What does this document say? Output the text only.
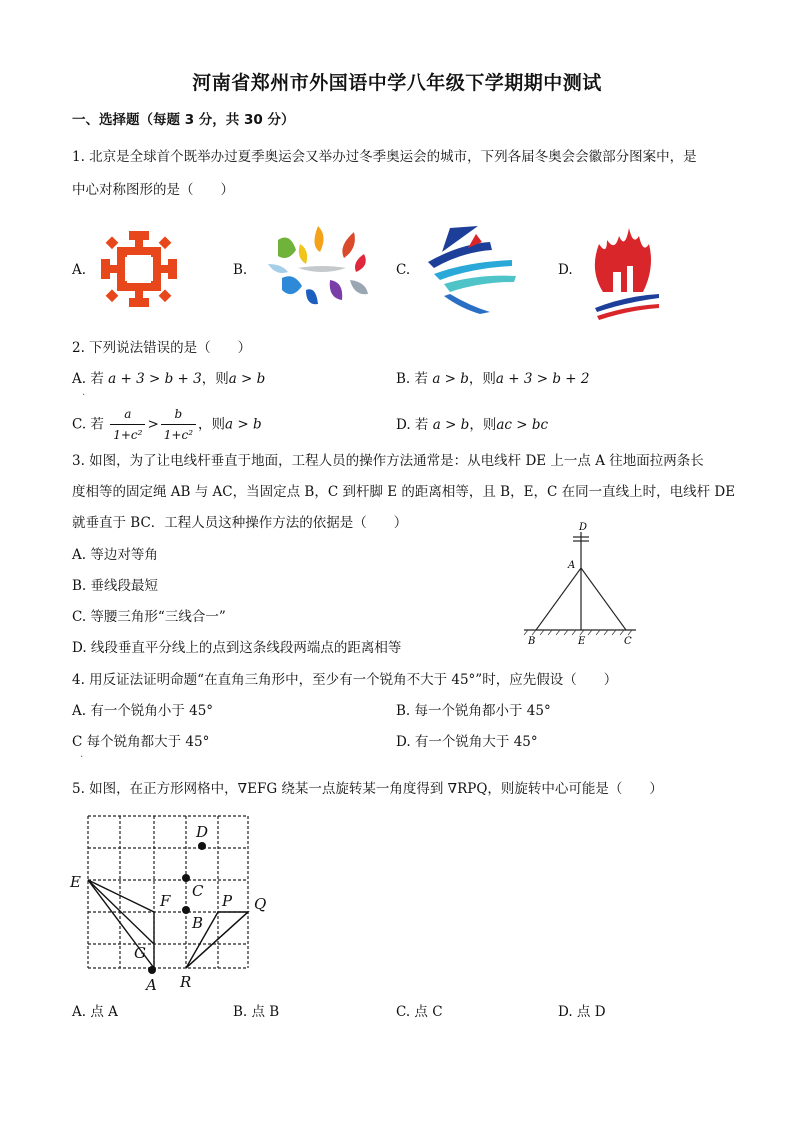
河南省郑州市外国语中学八年级下学期期中测试
一、选择题（每题 3 分，共 30 分）
1. 北京是全球首个既举办过夏季奥运会又举办过冬季奥运会的城市，下列各届冬奥会会徽部分图案中，是
中心对称图形的是（　　）
A.	B.	C.	D.
2. 下列说法错误的是（　　）
A. 若 a + 3 > b + 3，则a > b	B. 若 a > b，则a + 3 > b + 2
·
C. 若 $\frac{a}{\text{1+c²}} > \frac{b}{\text{1+c²}}$ ，则a > b	D. 若 a > b，则ac > bc
3. 如图，为了让电线杆垂直于地面，工程人员的操作方法通常是：从电线杆 DE 上一点 A 往地面拉两条长
度相等的固定绳 AB 与 AC，当固定点 B，C 到杆脚 E 的距离相等，且 B，E，C 在同一直线上时，电线杆 DE
就垂直于 BC．工程人员这种操作方法的依据是（　　）
A. 等边对等角
B. 垂线段最短
C. 等腰三角形“三线合一”
D. 线段垂直平分线上的点到这条线段两端点的距离相等
D
A
B	E	C
4. 用反证法证明命题“在直角三角形中，至少有一个锐角不大于 45°”时，应先假设（　　）
A. 有一个锐角小于 45°	B. 每一个锐角都小于 45°
C 每个锐角都大于 45°	D. 有一个锐角大于 45°
·
5. 如图，在正方形网格中，∇EFG 绕某一点旋转某一角度得到 ∇RPQ，则旋转中心可能是（　　）
D
C
E
F
B
P Q
G
A R
A. 点 A	B. 点 B	C. 点 C	D. 点 D
